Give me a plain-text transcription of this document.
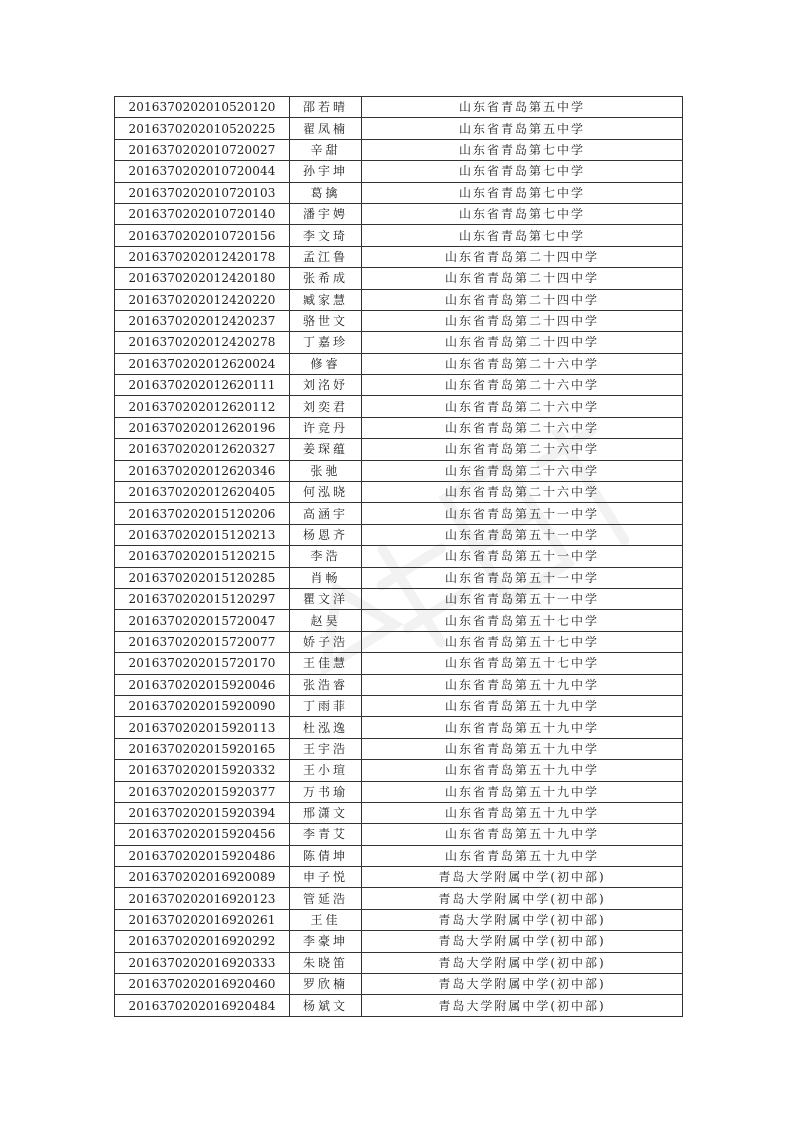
2016370202010520120	邵若晴	山东省青岛第五中学
2016370202010520225	翟凤楠	山东省青岛第五中学
2016370202010720027	辛甜	山东省青岛第七中学
2016370202010720044	孙宇坤	山东省青岛第七中学
2016370202010720103	葛擒	山东省青岛第七中学
2016370202010720140	潘宇娉	山东省青岛第七中学
2016370202010720156	李文琦	山东省青岛第七中学
2016370202012420178	孟江鲁	山东省青岛第二十四中学
2016370202012420180	张希成	山东省青岛第二十四中学
2016370202012420220	臧家慧	山东省青岛第二十四中学
2016370202012420237	骆世文	山东省青岛第二十四中学
2016370202012420278	丁嘉珍	山东省青岛第二十四中学
2016370202012620024	修睿	山东省青岛第二十六中学
2016370202012620111	刘洺妤	山东省青岛第二十六中学
2016370202012620112	刘奕君	山东省青岛第二十六中学
2016370202012620196	许竞丹	山东省青岛第二十六中学
2016370202012620327	姜琛蕴	山东省青岛第二十六中学
2016370202012620346	张驰	山东省青岛第二十六中学
2016370202012620405	何泓晓	山东省青岛第二十六中学
2016370202015120206	高涵宇	山东省青岛第五十一中学
2016370202015120213	杨恩齐	山东省青岛第五十一中学
2016370202015120215	李浩	山东省青岛第五十一中学
2016370202015120285	肖畅	山东省青岛第五十一中学
2016370202015120297	瞿文洋	山东省青岛第五十一中学
2016370202015720047	赵昊	山东省青岛第五十七中学
2016370202015720077	娇子浩	山东省青岛第五十七中学
2016370202015720170	王佳慧	山东省青岛第五十七中学
2016370202015920046	张浩睿	山东省青岛第五十九中学
2016370202015920090	丁雨菲	山东省青岛第五十九中学
2016370202015920113	杜泓逸	山东省青岛第五十九中学
2016370202015920165	王宇浩	山东省青岛第五十九中学
2016370202015920332	王小瑄	山东省青岛第五十九中学
2016370202015920377	万书瑜	山东省青岛第五十九中学
2016370202015920394	邢潇文	山东省青岛第五十九中学
2016370202015920456	李青艾	山东省青岛第五十九中学
2016370202015920486	陈倩坤	山东省青岛第五十九中学
2016370202016920089	申子悦	青岛大学附属中学(初中部)
2016370202016920123	管延浩	青岛大学附属中学(初中部)
2016370202016920261	王佳	青岛大学附属中学(初中部)
2016370202016920292	李豪坤	青岛大学附属中学(初中部)
2016370202016920333	朱晓笛	青岛大学附属中学(初中部)
2016370202016920460	罗欣楠	青岛大学附属中学(初中部)
2016370202016920484	杨斌文	青岛大学附属中学(初中部)
